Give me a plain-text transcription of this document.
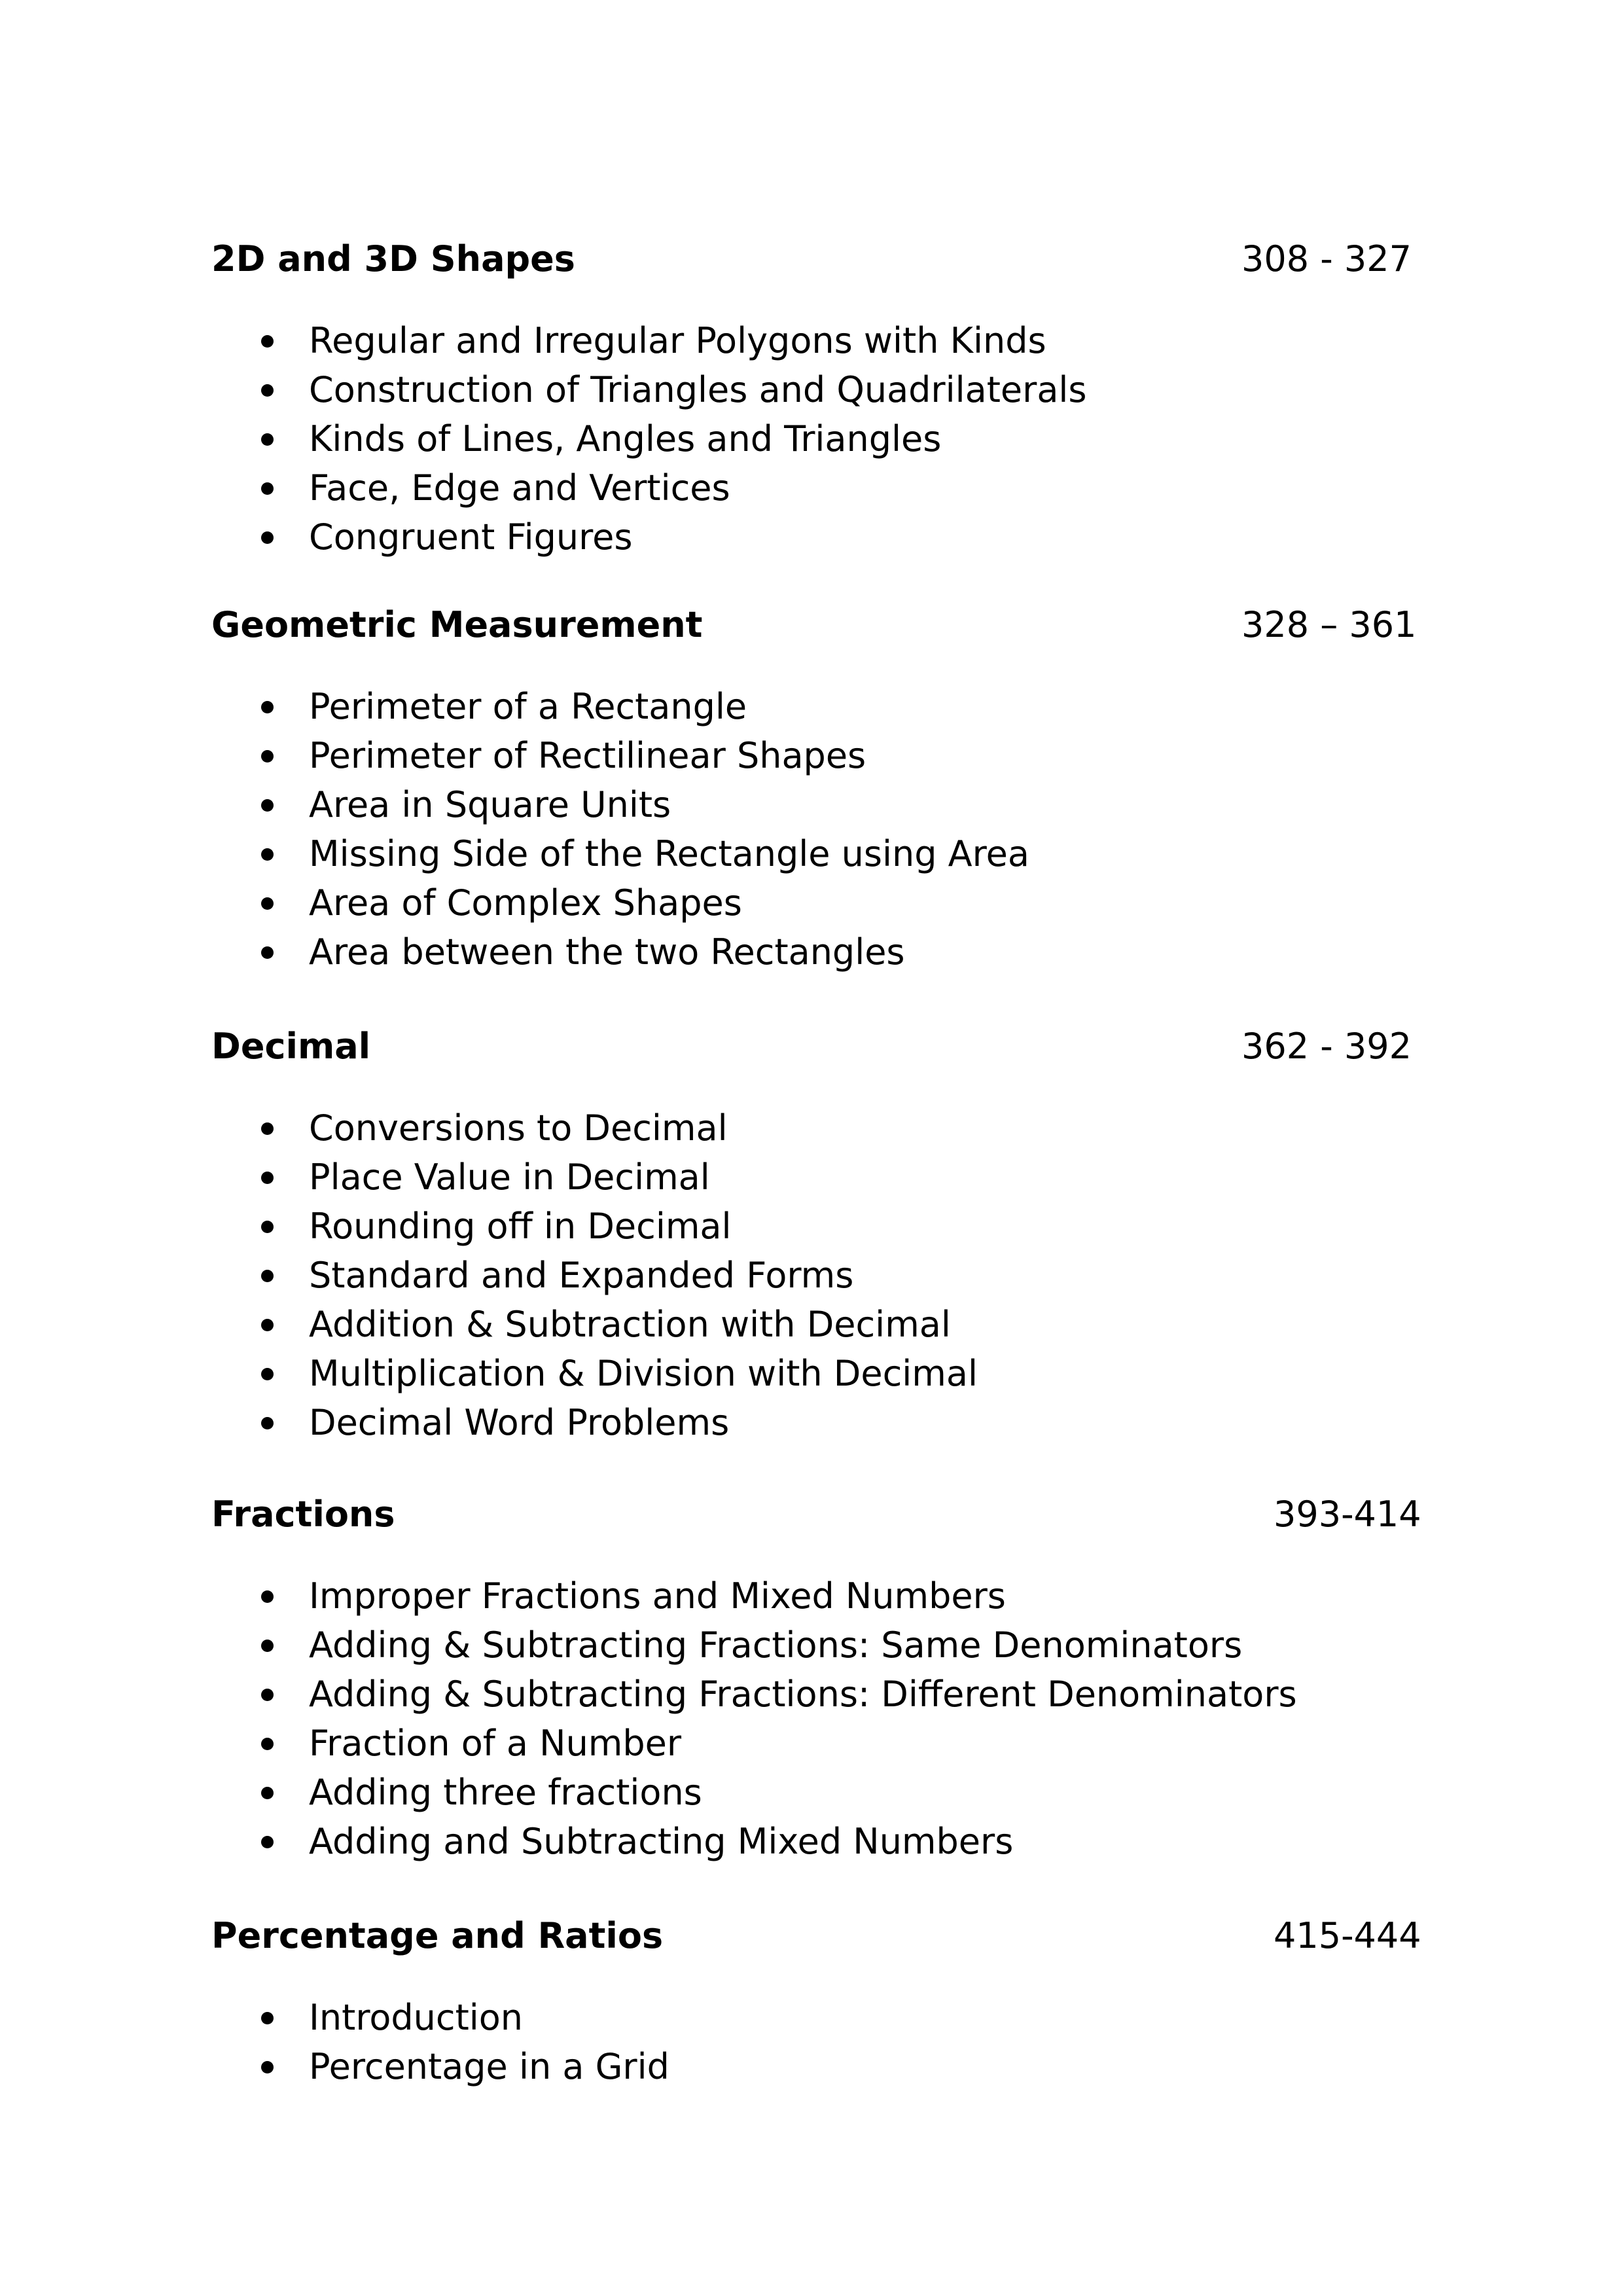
2D and 3D Shapes	308 - 327
Regular and Irregular Polygons with Kinds
Construction of Triangles and Quadrilaterals
Kinds of Lines, Angles and Triangles
Face, Edge and Vertices
Congruent Figures
Geometric Measurement	328 – 361
Perimeter of a Rectangle
Perimeter of Rectilinear Shapes
Area in Square Units
Missing Side of the Rectangle using Area
Area of Complex Shapes
Area between the two Rectangles
Decimal	362 - 392
Conversions to Decimal
Place Value in Decimal
Rounding off in Decimal
Standard and Expanded Forms
Addition & Subtraction with Decimal
Multiplication & Division with Decimal
Decimal Word Problems
Fractions	393-414
Improper Fractions and Mixed Numbers
Adding & Subtracting Fractions: Same Denominators
Adding & Subtracting Fractions: Different Denominators
Fraction of a Number
Adding three fractions
Adding and Subtracting Mixed Numbers
Percentage and Ratios	415-444
Introduction
Percentage in a Grid
